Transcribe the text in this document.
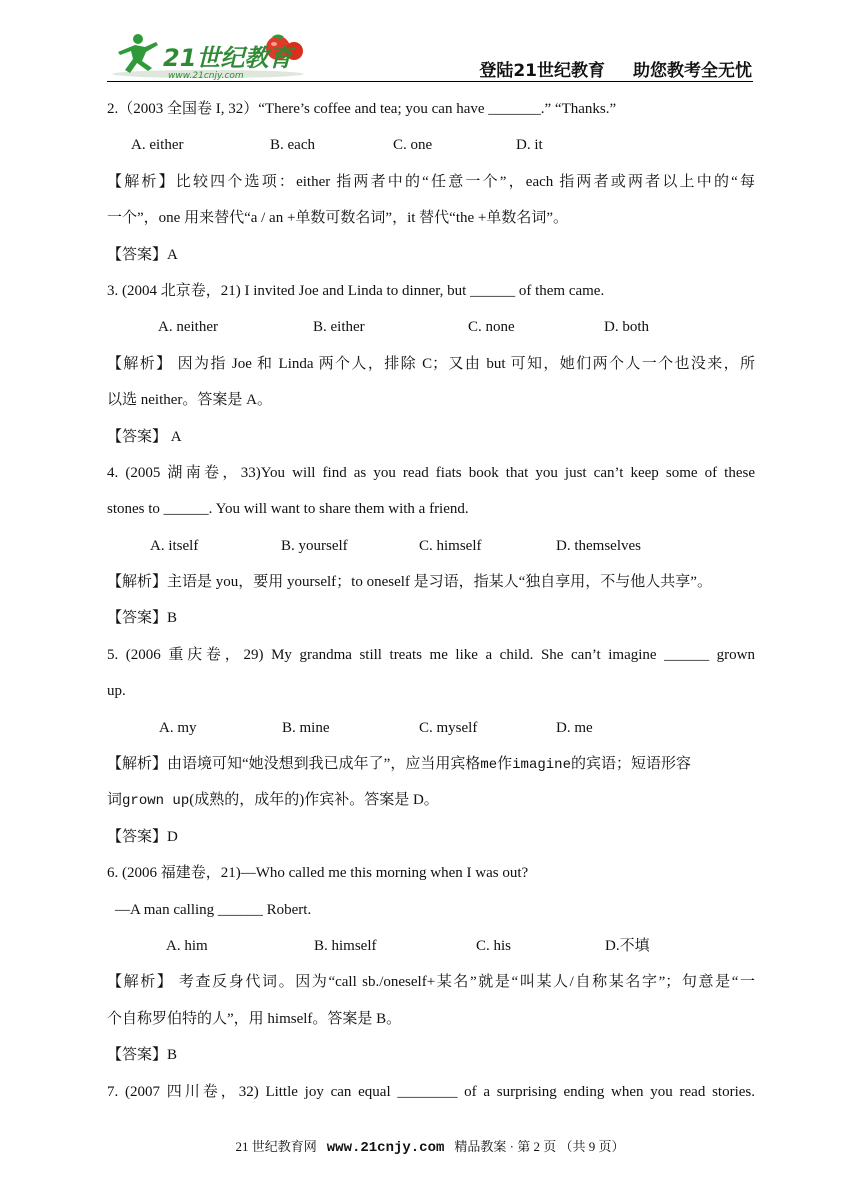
21世纪教育
www.21cnjy.com	登陆21世纪教育 助您教考全无忧
2.（2003 全国卷 I, 32）“There’s coffee and tea; you can have _______.” “Thanks.”
A. either	B. each	C. one	D. it
【解析】比较四个选项：either 指两者中的“任意一个”，each 指两者或两者以上中的“每
一个”，one 用来替代“a / an +单数可数名词”，it 替代“the +单数名词”。
【答案】A
3. (2004 北京卷，21) I invited Joe and Linda to dinner, but ______ of them came.
A. neither	B. either	C. none	D. both
【解析】 因为指 Joe 和 Linda 两个人，排除 C；又由 but 可知，她们两个人一个也没来，所
以选 neither。答案是 A。
【答案】 A
4. (2005 湖南卷，33)You will find as you read fiats book that you just can’t keep some of these
stones to ______. You will want to share them with a friend.
A. itself	B. yourself	C. himself	D. themselves
【解析】主语是 you，要用 yourself；to oneself 是习语，指某人“独自享用，不与他人共享”。
【答案】B
5. (2006 重庆卷，29) My grandma still treats me like a child. She can’t imagine ______ grown
up.
A. my	B. mine	C. myself	D. me
【解析】由语境可知“她没想到我已成年了”，应当用宾格me作imagine的宾语；短语形容
词grown up(成熟的，成年的)作宾补。答案是 D。
【答案】D
6. (2006 福建卷，21)—Who called me this morning when I was out?
—A man calling ______ Robert.
A. him	B. himself	C. his	D.不填
【解析】 考查反身代词。因为“call sb./oneself+某名”就是“叫某人/自称某名字”；句意是“一
个自称罗伯特的人”，用 himself。答案是 B。
【答案】B
7. (2007 四川卷，32) Little joy can equal ________ of a surprising ending when you read stories.
21 世纪教育网 www.21cnjy.com 精品教案 · 第 2 页 （共 9 页）
